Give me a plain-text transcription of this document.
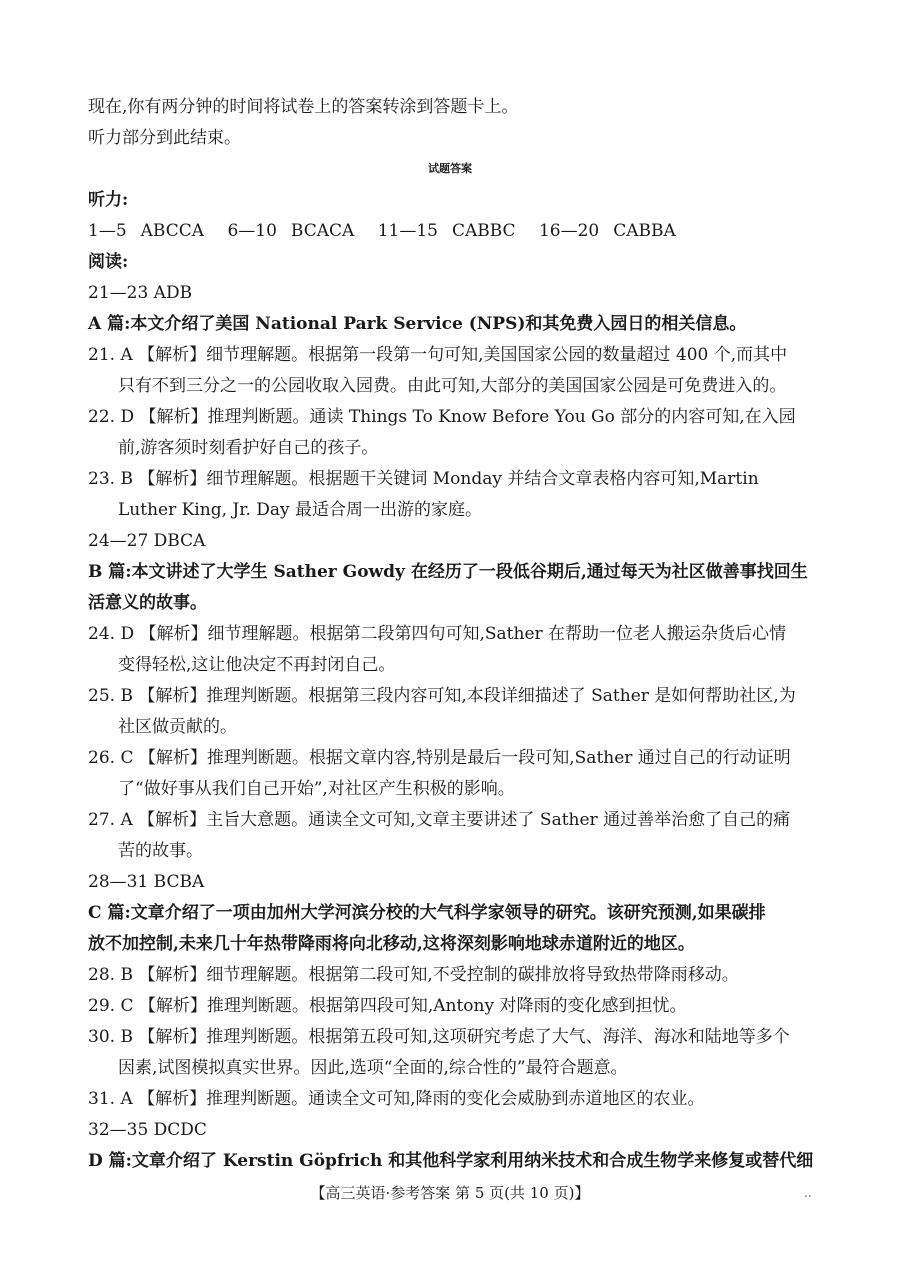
现在,你有两分钟的时间将试卷上的答案转涂到答题卡上。
听力部分到此结束。
试题答案
听力:
1—5 ABCCA 6—10 BCACA 11—15 CABBC 16—20 CABBA
阅读:
21—23 ADB
A 篇:本文介绍了美国 National Park Service (NPS)和其免费入园日的相关信息。
21. A 【解析】细节理解题。根据第一段第一句可知,美国国家公园的数量超过 400 个,而其中
只有不到三分之一的公园收取入园费。由此可知,大部分的美国国家公园是可免费进入的。
22. D 【解析】推理判断题。通读 Things To Know Before You Go 部分的内容可知,在入园
前,游客须时刻看护好自己的孩子。
23. B 【解析】细节理解题。根据题干关键词 Monday 并结合文章表格内容可知,Martin
Luther King, Jr. Day 最适合周一出游的家庭。
24—27 DBCA
B 篇:本文讲述了大学生 Sather Gowdy 在经历了一段低谷期后,通过每天为社区做善事找回生
活意义的故事。
24. D 【解析】细节理解题。根据第二段第四句可知,Sather 在帮助一位老人搬运杂货后心情
变得轻松,这让他决定不再封闭自己。
25. B 【解析】推理判断题。根据第三段内容可知,本段详细描述了 Sather 是如何帮助社区,为
社区做贡献的。
26. C 【解析】推理判断题。根据文章内容,特别是最后一段可知,Sather 通过自己的行动证明
了“做好事从我们自己开始”,对社区产生积极的影响。
27. A 【解析】主旨大意题。通读全文可知,文章主要讲述了 Sather 通过善举治愈了自己的痛
苦的故事。
28—31 BCBA
C 篇:文章介绍了一项由加州大学河滨分校的大气科学家领导的研究。该研究预测,如果碳排
放不加控制,未来几十年热带降雨将向北移动,这将深刻影响地球赤道附近的地区。
28. B 【解析】细节理解题。根据第二段可知,不受控制的碳排放将导致热带降雨移动。
29. C 【解析】推理判断题。根据第四段可知,Antony 对降雨的变化感到担忧。
30. B 【解析】推理判断题。根据第五段可知,这项研究考虑了大气、海洋、海冰和陆地等多个
因素,试图模拟真实世界。因此,选项“全面的,综合性的”最符合题意。
31. A 【解析】推理判断题。通读全文可知,降雨的变化会威胁到赤道地区的农业。
32—35 DCDC
D 篇:文章介绍了 Kerstin Göpfrich 和其他科学家利用纳米技术和合成生物学来修复或替代细
【高三英语·参考答案 第 5 页(共 10 页)】	..
